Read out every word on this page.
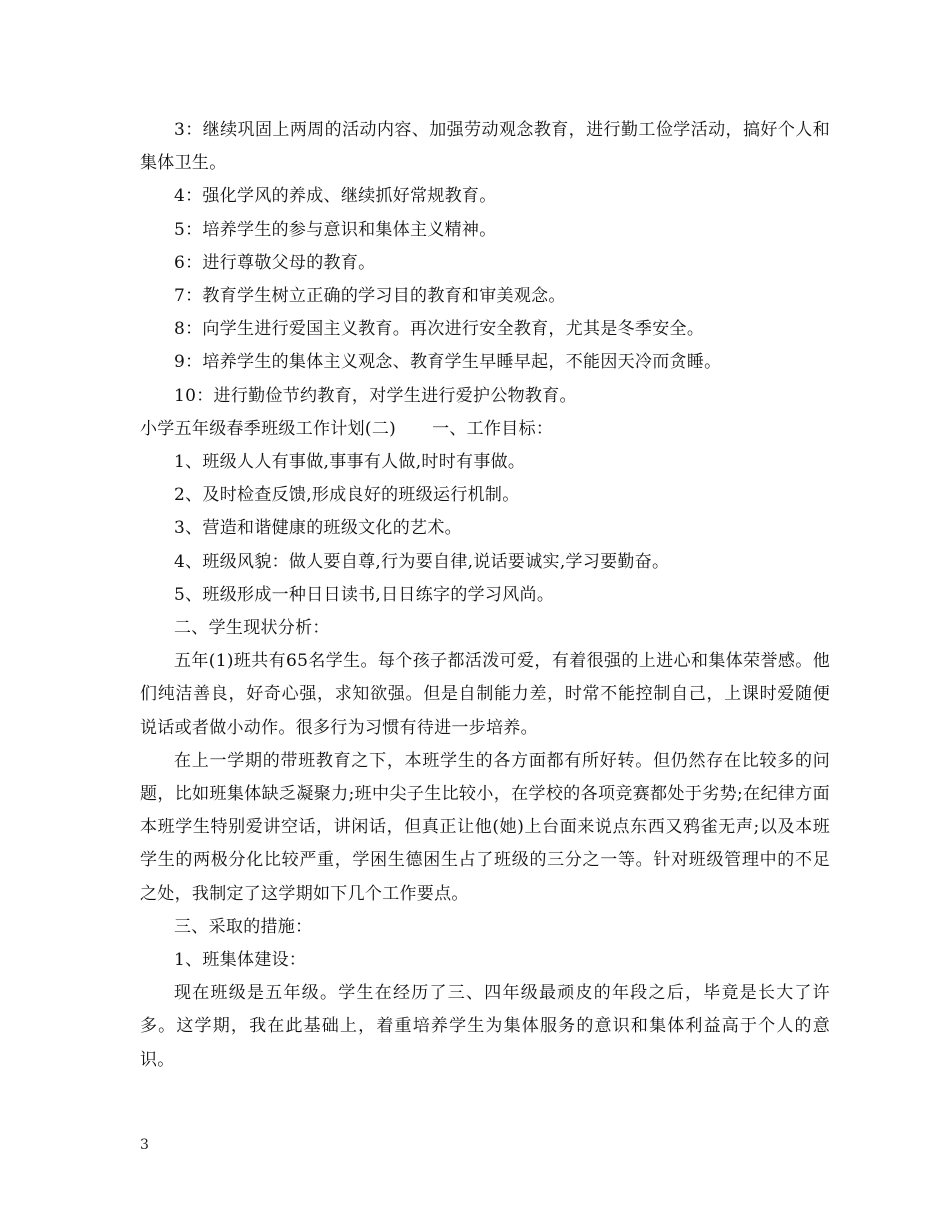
3：继续巩固上两周的活动内容、加强劳动观念教育，进行勤工俭学活动，搞好个人和集体卫生。

4：强化学风的养成、继续抓好常规教育。

5：培养学生的参与意识和集体主义精神。

6：进行尊敬父母的教育。

7：教育学生树立正确的学习目的教育和审美观念。

8：向学生进行爱国主义教育。再次进行安全教育，尤其是冬季安全。

9：培养学生的集体主义观念、教育学生早睡早起，不能因天冷而贪睡。

10：进行勤俭节约教育，对学生进行爱护公物教育。

小学五年级春季班级工作计划(二) 一、工作目标：

1、班级人人有事做,事事有人做,时时有事做。

2、及时检查反馈,形成良好的班级运行机制。

3、营造和谐健康的班级文化的艺术。

4、班级风貌：做人要自尊,行为要自律,说话要诚实,学习要勤奋。

5、班级形成一种日日读书,日日练字的学习风尚。

二、学生现状分析：

五年(1)班共有65名学生。每个孩子都活泼可爱，有着很强的上进心和集体荣誉感。他们纯洁善良，好奇心强，求知欲强。但是自制能力差，时常不能控制自己，上课时爱随便说话或者做小动作。很多行为习惯有待进一步培养。

在上一学期的带班教育之下，本班学生的各方面都有所好转。但仍然存在比较多的问题，比如班集体缺乏凝聚力;班中尖子生比较小，在学校的各项竞赛都处于劣势;在纪律方面本班学生特别爱讲空话，讲闲话，但真正让他(她)上台面来说点东西又鸦雀无声;以及本班学生的两极分化比较严重，学困生德困生占了班级的三分之一等。针对班级管理中的不足之处，我制定了这学期如下几个工作要点。

三、采取的措施：

1、班集体建设：

现在班级是五年级。学生在经历了三、四年级最顽皮的年段之后，毕竟是长大了许多。这学期，我在此基础上，着重培养学生为集体服务的意识和集体利益高于个人的意识。

3
